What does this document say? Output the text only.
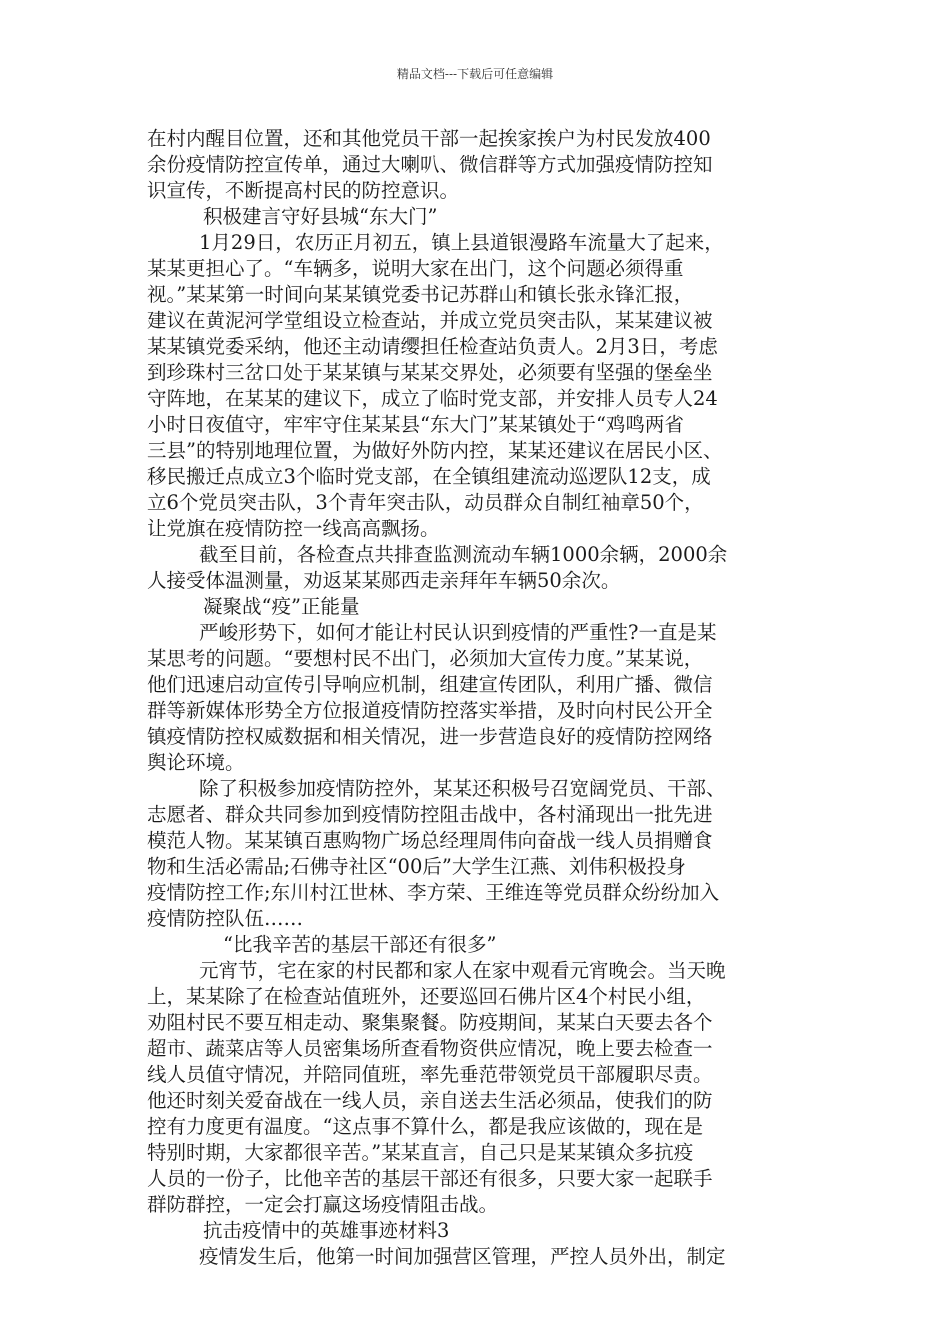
精品文档---下载后可任意编辑
在村内醒目位置，还和其他党员干部一起挨家挨户为村民发放400
余份疫情防控宣传单，通过大喇叭、微信群等方式加强疫情防控知
识宣传，不断提高村民的防控意识。
积极建言守好县城“东大门”
1月29日，农历正月初五，镇上县道银漫路车流量大了起来，
某某更担心了。“车辆多，说明大家在出门，这个问题必须得重
视。”某某第一时间向某某镇党委书记苏群山和镇长张永锋汇报，
建议在黄泥河学堂组设立检查站，并成立党员突击队，某某建议被
某某镇党委采纳，他还主动请缨担任检查站负责人。2月3日，考虑
到珍珠村三岔口处于某某镇与某某交界处，必须要有坚强的堡垒坐
守阵地，在某某的建议下，成立了临时党支部，并安排人员专人24
小时日夜值守，牢牢守住某某县“东大门”某某镇处于“鸡鸣两省
三县”的特别地理位置，为做好外防内控，某某还建议在居民小区、
移民搬迁点成立3个临时党支部，在全镇组建流动巡逻队12支，成
立6个党员突击队，3个青年突击队，动员群众自制红袖章50个，
让党旗在疫情防控一线高高飘扬。
截至目前，各检查点共排查监测流动车辆1000余辆，2000余
人接受体温测量，劝返某某郧西走亲拜年车辆50余次。
凝聚战“疫”正能量
严峻形势下，如何才能让村民认识到疫情的严重性?一直是某
某思考的问题。“要想村民不出门，必须加大宣传力度。”某某说，
他们迅速启动宣传引导响应机制，组建宣传团队，利用广播、微信
群等新媒体形势全方位报道疫情防控落实举措，及时向村民公开全
镇疫情防控权威数据和相关情况，进一步营造良好的疫情防控网络
舆论环境。
除了积极参加疫情防控外，某某还积极号召宽阔党员、干部、
志愿者、群众共同参加到疫情防控阻击战中，各村涌现出一批先进
模范人物。某某镇百惠购物广场总经理周伟向奋战一线人员捐赠食
物和生活必需品;石佛寺社区“00后”大学生江燕、刘伟积极投身
疫情防控工作;东川村江世林、李方荣、王维连等党员群众纷纷加入
疫情防控队伍……
“比我辛苦的基层干部还有很多”
元宵节，宅在家的村民都和家人在家中观看元宵晚会。当天晚
上，某某除了在检查站值班外，还要巡回石佛片区4个村民小组，
劝阻村民不要互相走动、聚集聚餐。防疫期间，某某白天要去各个
超市、蔬菜店等人员密集场所查看物资供应情况，晚上要去检查一
线人员值守情况，并陪同值班，率先垂范带领党员干部履职尽责。
他还时刻关爱奋战在一线人员，亲自送去生活必须品，使我们的防
控有力度更有温度。“这点事不算什么，都是我应该做的，现在是
特别时期，大家都很辛苦。”某某直言，自己只是某某镇众多抗疫
人员的一份子，比他辛苦的基层干部还有很多，只要大家一起联手
群防群控，一定会打赢这场疫情阻击战。
抗击疫情中的英雄事迹材料3
疫情发生后，他第一时间加强营区管理，严控人员外出，制定
